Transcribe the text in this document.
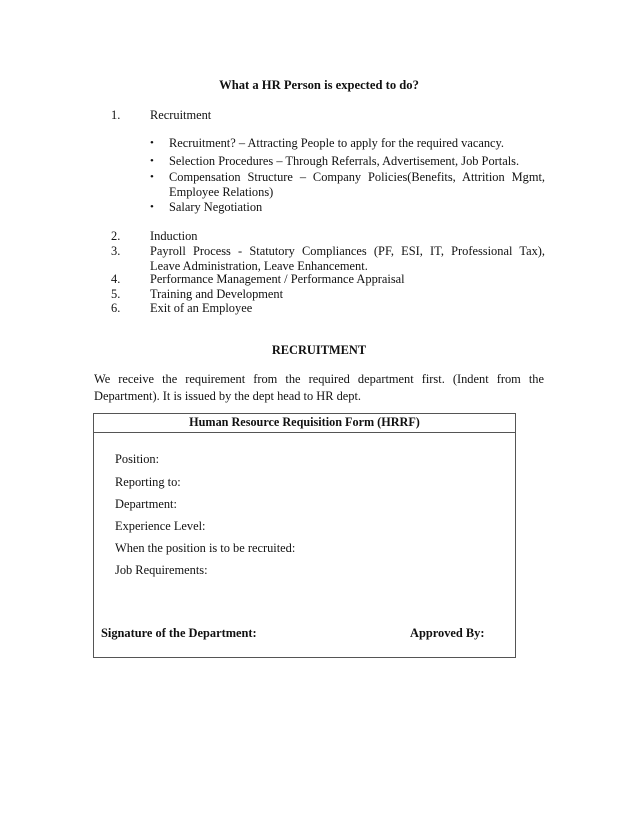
What a HR Person is expected to do?
1. Recruitment
• Recruitment? – Attracting People to apply for the required vacancy.
• Selection Procedures – Through Referrals, Advertisement, Job Portals.
• Compensation Structure – Company Policies(Benefits, Attrition Mgmt,
Employee Relations)
• Salary Negotiation
2. Induction
3. Payroll Process - Statutory Compliances (PF, ESI, IT, Professional Tax),
Leave Administration, Leave Enhancement.
4. Performance Management / Performance Appraisal
5. Training and Development
6. Exit of an Employee
RECRUITMENT
We receive the requirement from the required department first. (Indent from the
Department). It is issued by the dept head to HR dept.
Human Resource Requisition Form (HRRF)
Position:
Reporting to:
Department:
Experience Level:
When the position is to be recruited:
Job Requirements:
Signature of the Department:	Approved By:
